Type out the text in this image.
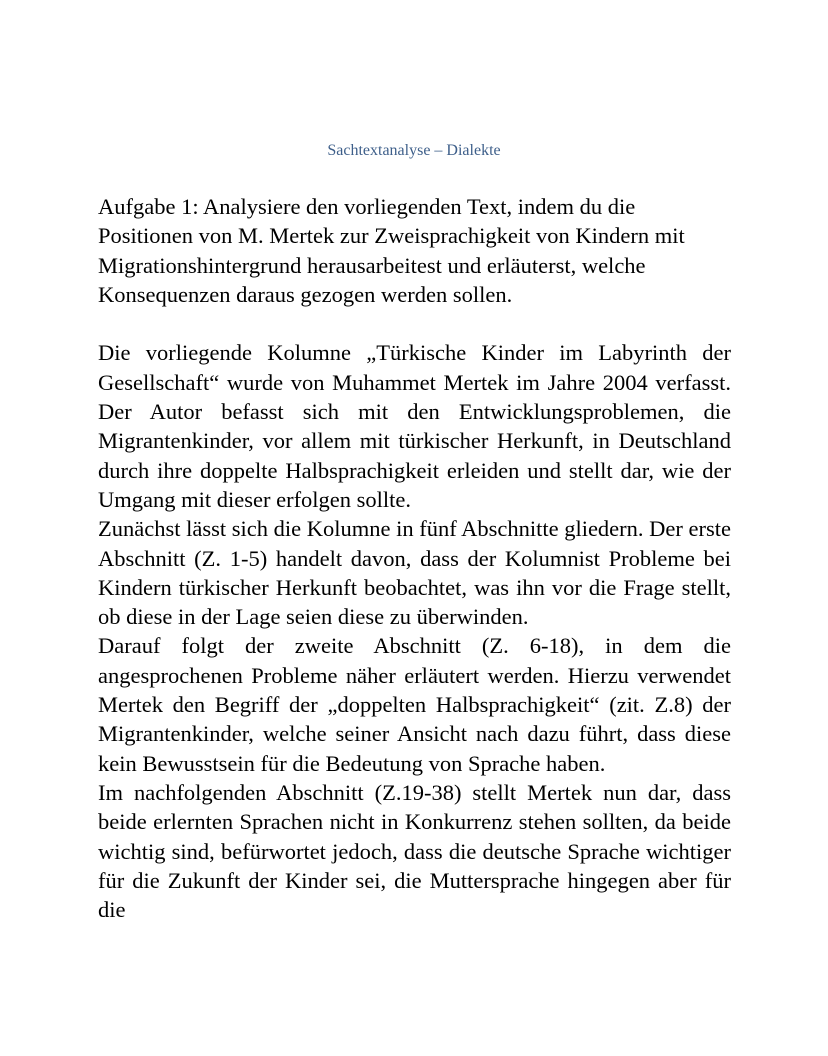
Sachtextanalyse – Dialekte

Aufgabe 1: Analysiere den vorliegenden Text, indem du die Positionen von M. Mertek zur Zweisprachigkeit von Kindern mit Migrationshintergrund herausarbeitest und erläuterst, welche Konsequenzen daraus gezogen werden sollen.

Die vorliegende Kolumne „Türkische Kinder im Labyrinth der Gesellschaft“ wurde von Muhammet Mertek im Jahre 2004 verfasst. Der Autor befasst sich mit den Entwicklungsproblemen, die Migrantenkinder, vor allem mit türkischer Herkunft, in Deutschland durch ihre doppelte Halbsprachigkeit erleiden und stellt dar, wie der Umgang mit dieser erfolgen sollte.

Zunächst lässt sich die Kolumne in fünf Abschnitte gliedern. Der erste Abschnitt (Z. 1-5) handelt davon, dass der Kolumnist Probleme bei Kindern türkischer Herkunft beobachtet, was ihn vor die Frage stellt, ob diese in der Lage seien diese zu überwinden.

Darauf folgt der zweite Abschnitt (Z. 6-18), in dem die angesprochenen Probleme näher erläutert werden. Hierzu verwendet Mertek den Begriff der „doppelten Halbsprachigkeit“ (zit. Z.8) der Migrantenkinder, welche seiner Ansicht nach dazu führt, dass diese kein Bewusstsein für die Bedeutung von Sprache haben.

Im nachfolgenden Abschnitt (Z.19-38) stellt Mertek nun dar, dass beide erlernten Sprachen nicht in Konkurrenz stehen sollten, da beide wichtig sind, befürwortet jedoch, dass die deutsche Sprache wichtiger für die Zukunft der Kinder sei, die Muttersprache hingegen aber für die
